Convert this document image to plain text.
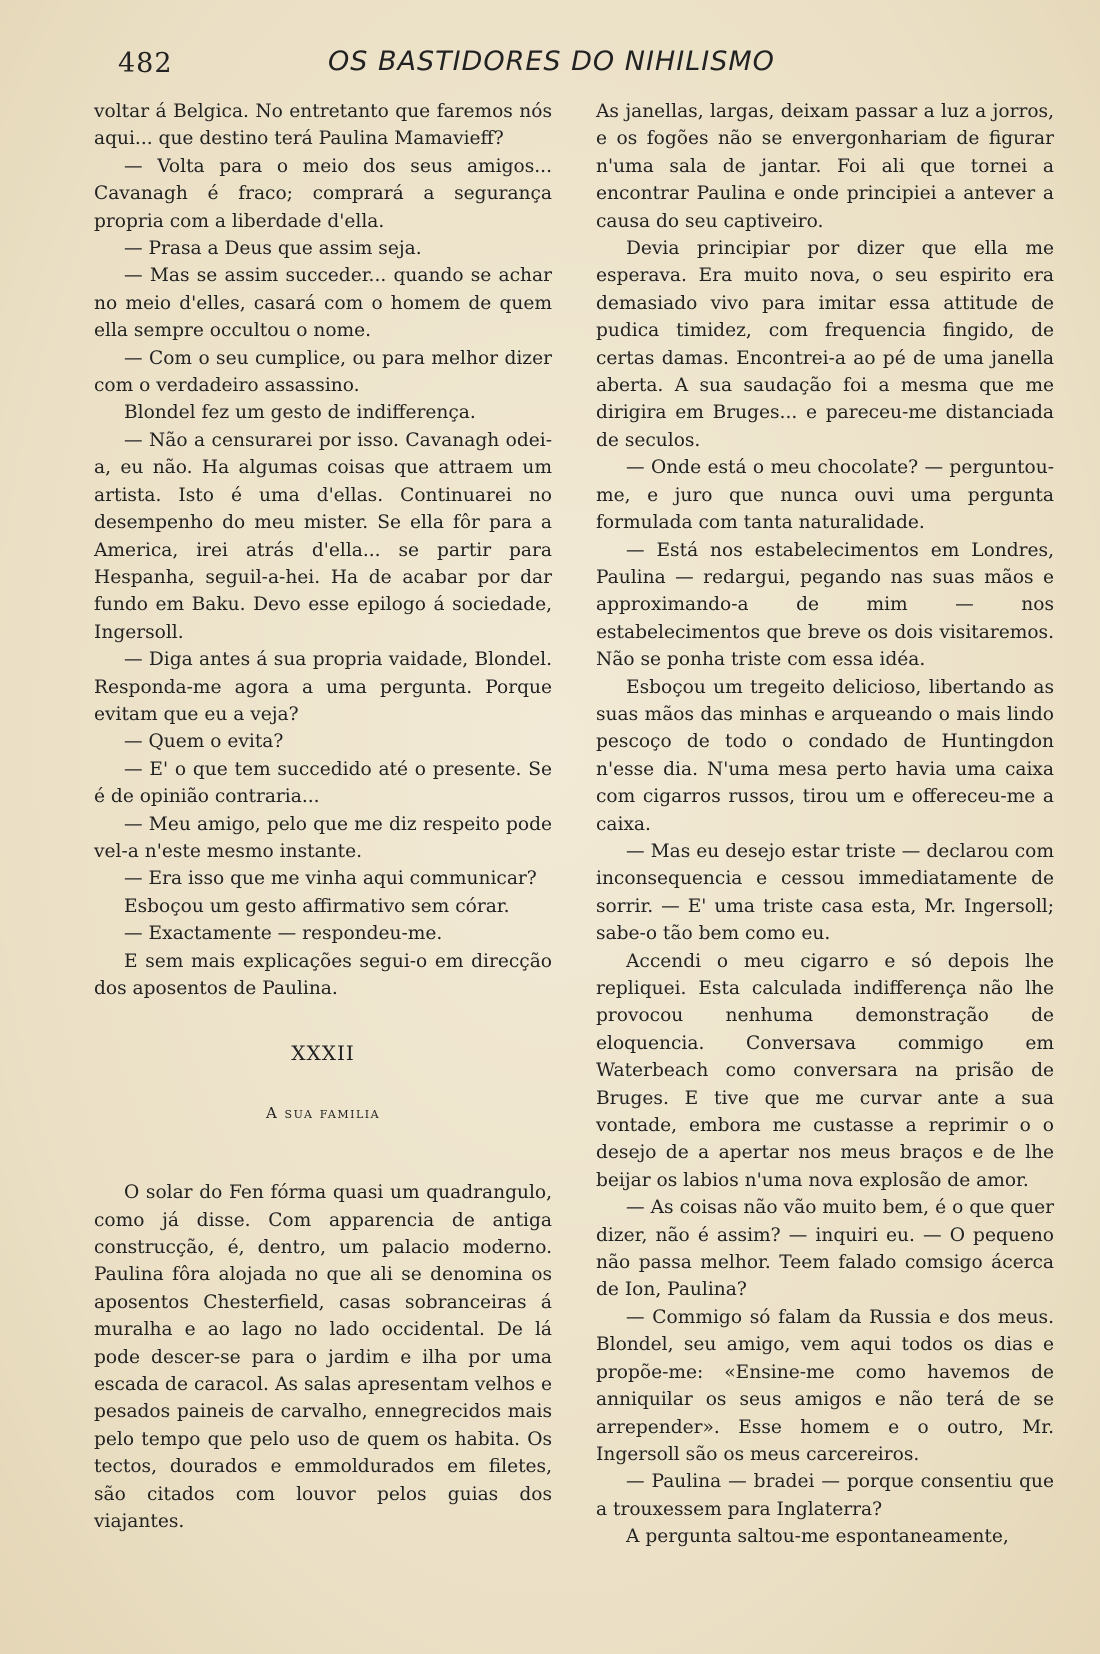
482	OS BASTIDORES DO NIHILISMO

voltar á Belgica. No entretanto que faremos nós aqui... que destino terá Paulina Mamavieff?

— Volta para o meio dos seus amigos... Cavanagh é fraco; comprará a segurança propria com a liberdade d'ella.

— Prasa a Deus que assim seja.

— Mas se assim succeder... quando se achar no meio d'elles, casará com o homem de quem ella sempre occultou o nome.

— Com o seu cumplice, ou para melhor dizer com o verdadeiro assassino.

Blondel fez um gesto de indifferença.

— Não a censurarei por isso. Cavanagh odei-a, eu não. Ha algumas coisas que attraem um artista. Isto é uma d'ellas. Continuarei no desempenho do meu mister. Se ella fôr para a America, irei atrás d'ella... se partir para Hespanha, seguil-a-hei. Ha de acabar por dar fundo em Baku. Devo esse epilogo á sociedade, Ingersoll.

— Diga antes á sua propria vaidade, Blondel. Responda-me agora a uma pergunta. Porque evitam que eu a veja?

— Quem o evita?

— E' o que tem succedido até o presente. Se é de opinião contraria...

— Meu amigo, pelo que me diz respeito pode vel-a n'este mesmo instante.

— Era isso que me vinha aqui communicar?

Esboçou um gesto affirmativo sem córar.

— Exactamente — respondeu-me.

E sem mais explicações segui-o em direcção dos aposentos de Paulina.

XXXII
A sua familia

O solar do Fen fórma quasi um quadrangulo, como já disse. Com apparencia de antiga construcção, é, dentro, um palacio moderno. Paulina fôra alojada no que ali se denomina os aposentos Chesterfield, casas sobranceiras á muralha e ao lago no lado occidental. De lá pode descer-se para o jardim e ilha por uma escada de caracol. As salas apresentam velhos e pesados paineis de carvalho, ennegrecidos mais pelo tempo que pelo uso de quem os habita. Os tectos, dourados e emmoldurados em filetes, são citados com louvor pelos guias dos viajantes.

As janellas, largas, deixam passar a luz a jorros, e os fogões não se envergonhariam de figurar n'uma sala de jantar. Foi ali que tornei a encontrar Paulina e onde principiei a antever a causa do seu captiveiro.

Devia principiar por dizer que ella me esperava. Era muito nova, o seu espirito era demasiado vivo para imitar essa attitude de pudica timidez, com frequencia fingido, de certas damas. Encontrei-a ao pé de uma janella aberta. A sua saudação foi a mesma que me dirigira em Bruges... e pareceu-me distanciada de seculos.

— Onde está o meu chocolate? — perguntou-me, e juro que nunca ouvi uma pergunta formulada com tanta naturalidade.

— Está nos estabelecimentos em Londres, Paulina — redargui, pegando nas suas mãos e approximando-a de mim — nos estabelecimentos que breve os dois visitaremos. Não se ponha triste com essa idéa.

Esboçou um tregeito delicioso, libertando as suas mãos das minhas e arqueando o mais lindo pescoço de todo o condado de Huntingdon n'esse dia. N'uma mesa perto havia uma caixa com cigarros russos, tirou um e offereceu-me a caixa.

— Mas eu desejo estar triste — declarou com inconsequencia e cessou immediatamente de sorrir. — E' uma triste casa esta, Mr. Ingersoll; sabe-o tão bem como eu.

Accendi o meu cigarro e só depois lhe repliquei. Esta calculada indifferença não lhe provocou nenhuma demonstração de eloquencia. Conversava commigo em Waterbeach como conversara na prisão de Bruges. E tive que me curvar ante a sua vontade, embora me custasse a reprimir o o desejo de a apertar nos meus braços e de lhe beijar os labios n'uma nova explosão de amor.

— As coisas não vão muito bem, é o que quer dizer, não é assim? — inquiri eu. — O pequeno não passa melhor. Teem falado comsigo ácerca de Ion, Paulina?

— Commigo só falam da Russia e dos meus. Blondel, seu amigo, vem aqui todos os dias e propõe-me: «Ensine-me como havemos de anniquilar os seus amigos e não terá de se arrepender». Esse homem e o outro, Mr. Ingersoll são os meus carcereiros.

— Paulina — bradei — porque consentiu que a trouxessem para Inglaterra?

A pergunta saltou-me espontaneamente,
